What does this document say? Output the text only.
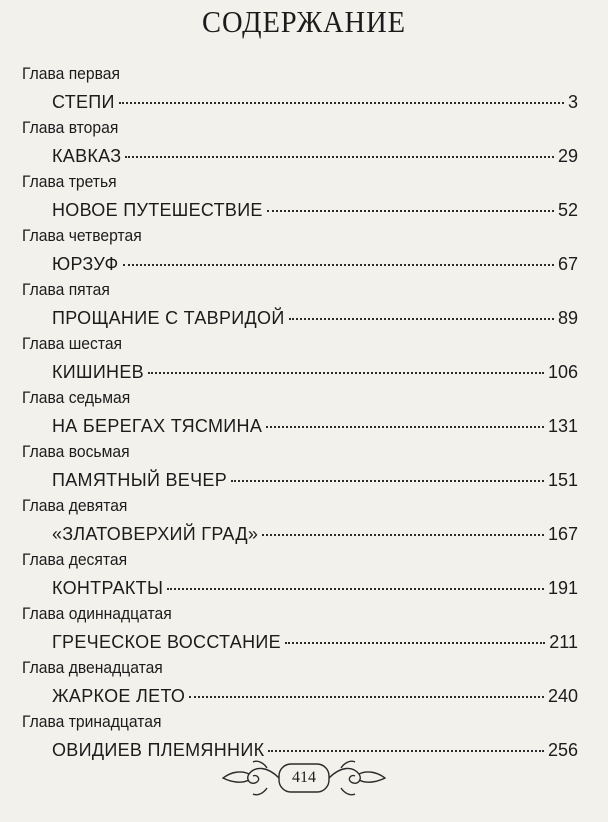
СОДЕРЖАНИЕ
Глава первая
СТЕПИ	3
Глава вторая
КАВКАЗ	29
Глава третья
НОВОЕ ПУТЕШЕСТВИЕ	52
Глава четвертая
ЮРЗУФ	67
Глава пятая
ПРОЩАНИЕ С ТАВРИДОЙ	89
Глава шестая
КИШИНЕВ	106
Глава седьмая
НА БЕРЕГАХ ТЯСМИНА	131
Глава восьмая
ПАМЯТНЫЙ ВЕЧЕР	151
Глава девятая
«ЗЛАТОВЕРХИЙ ГРАД»	167
Глава десятая
КОНТРАКТЫ	191
Глава одиннадцатая
ГРЕЧЕСКОЕ ВОССТАНИЕ	211
Глава двенадцатая
ЖАРКОЕ ЛЕТО	240
Глава тринадцатая
ОВИДИЕВ ПЛЕМЯННИК	256
414
